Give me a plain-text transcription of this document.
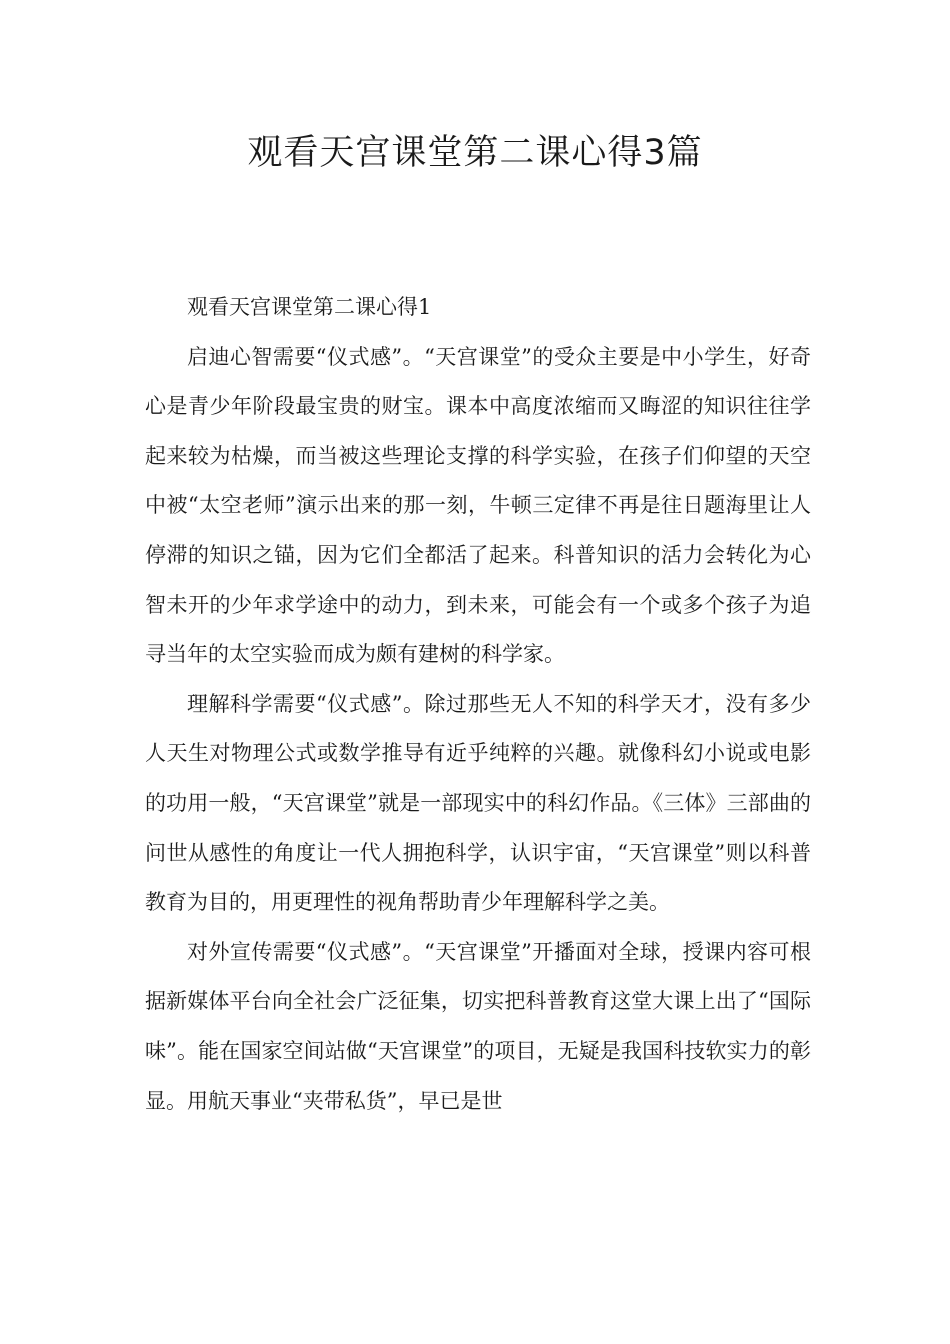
观看天宫课堂第二课心得3篇

观看天宫课堂第二课心得1

启迪心智需要“仪式感”。“天宫课堂”的受众主要是中小学生，好奇心是青少年阶段最宝贵的财宝。课本中高度浓缩而又晦涩的知识往往学起来较为枯燥，而当被这些理论支撑的科学实验，在孩子们仰望的天空中被“太空老师”演示出来的那一刻，牛顿三定律不再是往日题海里让人停滞的知识之锚，因为它们全都活了起来。科普知识的活力会转化为心智未开的少年求学途中的动力，到未来，可能会有一个或多个孩子为追寻当年的太空实验而成为颇有建树的科学家。

理解科学需要“仪式感”。除过那些无人不知的科学天才，没有多少人天生对物理公式或数学推导有近乎纯粹的兴趣。就像科幻小说或电影的功用一般，“天宫课堂”就是一部现实中的科幻作品。《三体》三部曲的问世从感性的角度让一代人拥抱科学，认识宇宙，“天宫课堂”则以科普教育为目的，用更理性的视角帮助青少年理解科学之美。

对外宣传需要“仪式感”。“天宫课堂”开播面对全球，授课内容可根据新媒体平台向全社会广泛征集，切实把科普教育这堂大课上出了“国际味”。能在国家空间站做“天宫课堂”的项目，无疑是我国科技软实力的彰显。用航天事业“夹带私货”，早已是世
